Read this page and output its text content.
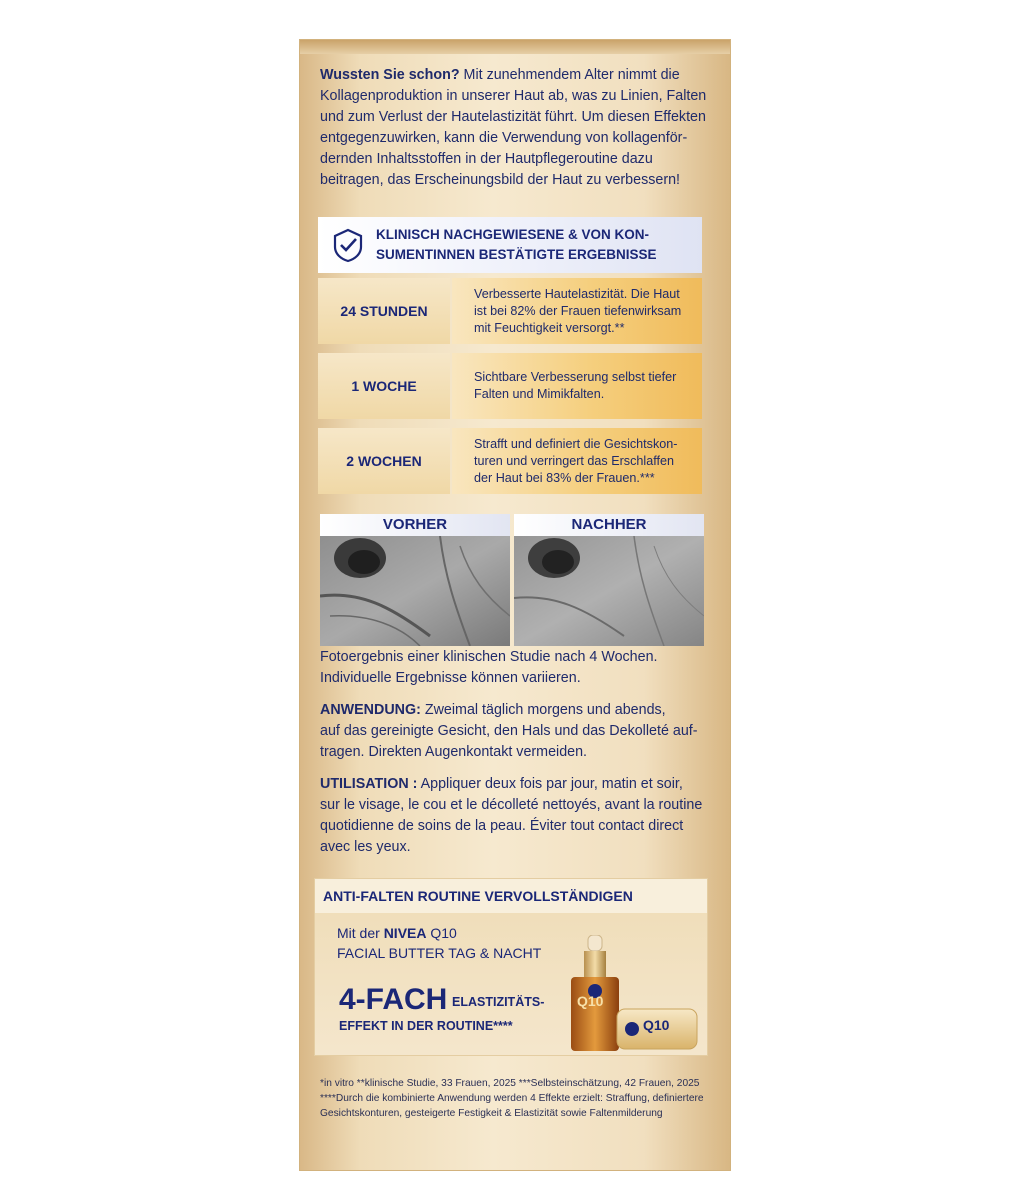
Wussten Sie schon? Mit zunehmendem Alter nimmt die
Kollagenproduktion in unserer Haut ab, was zu Linien, Falten
und zum Verlust der Hautelastizität führt. Um diesen Effekten
entgegenzuwirken, kann die Verwendung von kollagenför-
dernden Inhaltsstoffen in der Hautpflegeroutine dazu
beitragen, das Erscheinungsbild der Haut zu verbessern!

KLINISCH NACHGEWIESENE & VON KON-
SUMENTINNEN BESTÄTIGTE ERGEBNISSE
24 STUNDEN
Verbesserte Hautelastizität. Die Haut
ist bei 82% der Frauen tiefenwirksam
mit Feuchtigkeit versorgt.**
1 WOCHE
Sichtbare Verbesserung selbst tiefer
Falten und Mimikfalten.
2 WOCHEN
Strafft und definiert die Gesichtskon-
turen und verringert das Erschlaffen
der Haut bei 83% der Frauen.***
VORHER	NACHHER

Fotoergebnis einer klinischen Studie nach 4 Wochen.
Individuelle Ergebnisse können variieren.

ANWENDUNG: Zweimal täglich morgens und abends,
auf das gereinigte Gesicht, den Hals und das Dekolleté auf-
tragen. Direkten Augenkontakt vermeiden.

UTILISATION : Appliquer deux fois par jour, matin et soir,
sur le visage, le cou et le décolleté nettoyés, avant la routine
quotidienne de soins de la peau. Éviter tout contact direct
avec les yeux.

ANTI-FALTEN ROUTINE VERVOLLSTÄNDIGEN
Mit der NIVEA Q10
FACIAL BUTTER TAG & NACHT
4-FACH ELASTIZITÄTS-
EFFEKT IN DER ROUTINE****
Q10
Q10

*in vitro **klinische Studie, 33 Frauen, 2025 ***Selbsteinschätzung, 42 Frauen, 2025
****Durch die kombinierte Anwendung werden 4 Effekte erzielt: Straffung, definiertere
Gesichtskonturen, gesteigerte Festigkeit & Elastizität sowie Faltenmilderung
